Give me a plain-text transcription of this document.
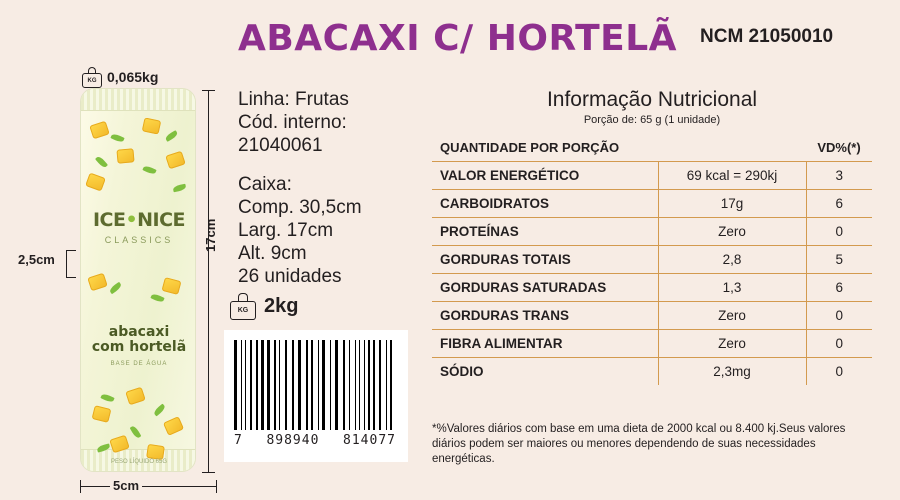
ABACAXI C/ HORTELÃ NCM 21050010
KG 0,065kg
ICE•NICE
CLASSICS
abacaxi
com hortelã
BASE DE ÁGUA
PESO LÍQUIDO 65G
2,5cm
17cm
5cm
Linha: Frutas
Cód. interno:
21040061
Caixa:
Comp. 30,5cm
Larg. 17cm
Alt. 9cm
26 unidades
KG 2kg
7 898940 814077
Informação Nutricional
Porção de: 65 g (1 unidade)
QUANTIDADE POR PORÇÃO		VD%(*)
VALOR ENERGÉTICO	69 kcal = 290kj	3
CARBOIDRATOS	17g	6
PROTEÍNAS	Zero	0
GORDURAS TOTAIS	2,8	5
GORDURAS SATURADAS	1,3	6
GORDURAS TRANS	Zero	0
FIBRA ALIMENTAR	Zero	0
SÓDIO	2,3mg	0
*%Valores diários com base em uma dieta de 2000 kcal ou 8.400 kj.Seus valores diários podem ser maiores ou menores dependendo de suas necessidades energéticas.
